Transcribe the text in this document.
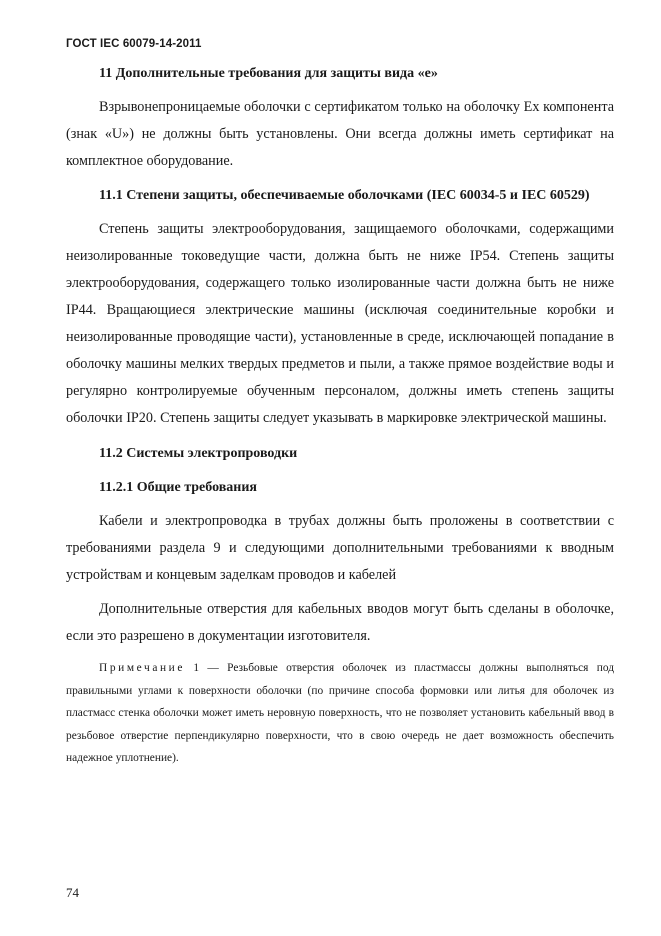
ГОСТ IEC 60079-14-2011

11 Дополнительные требования для защиты вида «е»

Взрывонепроницаемые оболочки с сертификатом только на оболочку Ex компонента (знак «U») не должны быть установлены. Они всегда должны иметь сертификат на комплектное оборудование.

11.1 Степени защиты, обеспечиваемые оболочками (IEC 60034-5 и IEC 60529)

Степень защиты электрооборудования, защищаемого оболочками, содержащими неизолированные токоведущие части, должна быть не ниже IP54. Степень защиты электрооборудования, содержащего только изолированные части должна быть не ниже IP44. Вращающиеся электрические машины (исключая соединительные коробки и неизолированные проводящие части), установленные в среде, исключающей попадание в оболочку машины мелких твердых предметов и пыли, а также прямое воздействие воды и регулярно контролируемые обученным персоналом, должны иметь степень защиты оболочки IP20. Степень защиты следует указывать в маркировке электрической машины.

11.2 Системы электропроводки

11.2.1 Общие требования

Кабели и электропроводка в трубах должны быть проложены в соответствии с требованиями раздела 9 и следующими дополнительными требованиями к вводным устройствам и концевым заделкам проводов и кабелей

Дополнительные отверстия для кабельных вводов могут быть сделаны в оболочке, если это разрешено в документации изготовителя.

Примечание 1 — Резьбовые отверстия оболочек из пластмассы должны выполняться под правильными углами к поверхности оболочки (по причине способа формовки или литья для оболочек из пластмасс стенка оболочки может иметь неровную поверхность, что не позволяет установить кабельный ввод в резьбовое отверстие перпендикулярно поверхности, что в свою очередь не дает возможность обеспечить надежное уплотнение).

74
